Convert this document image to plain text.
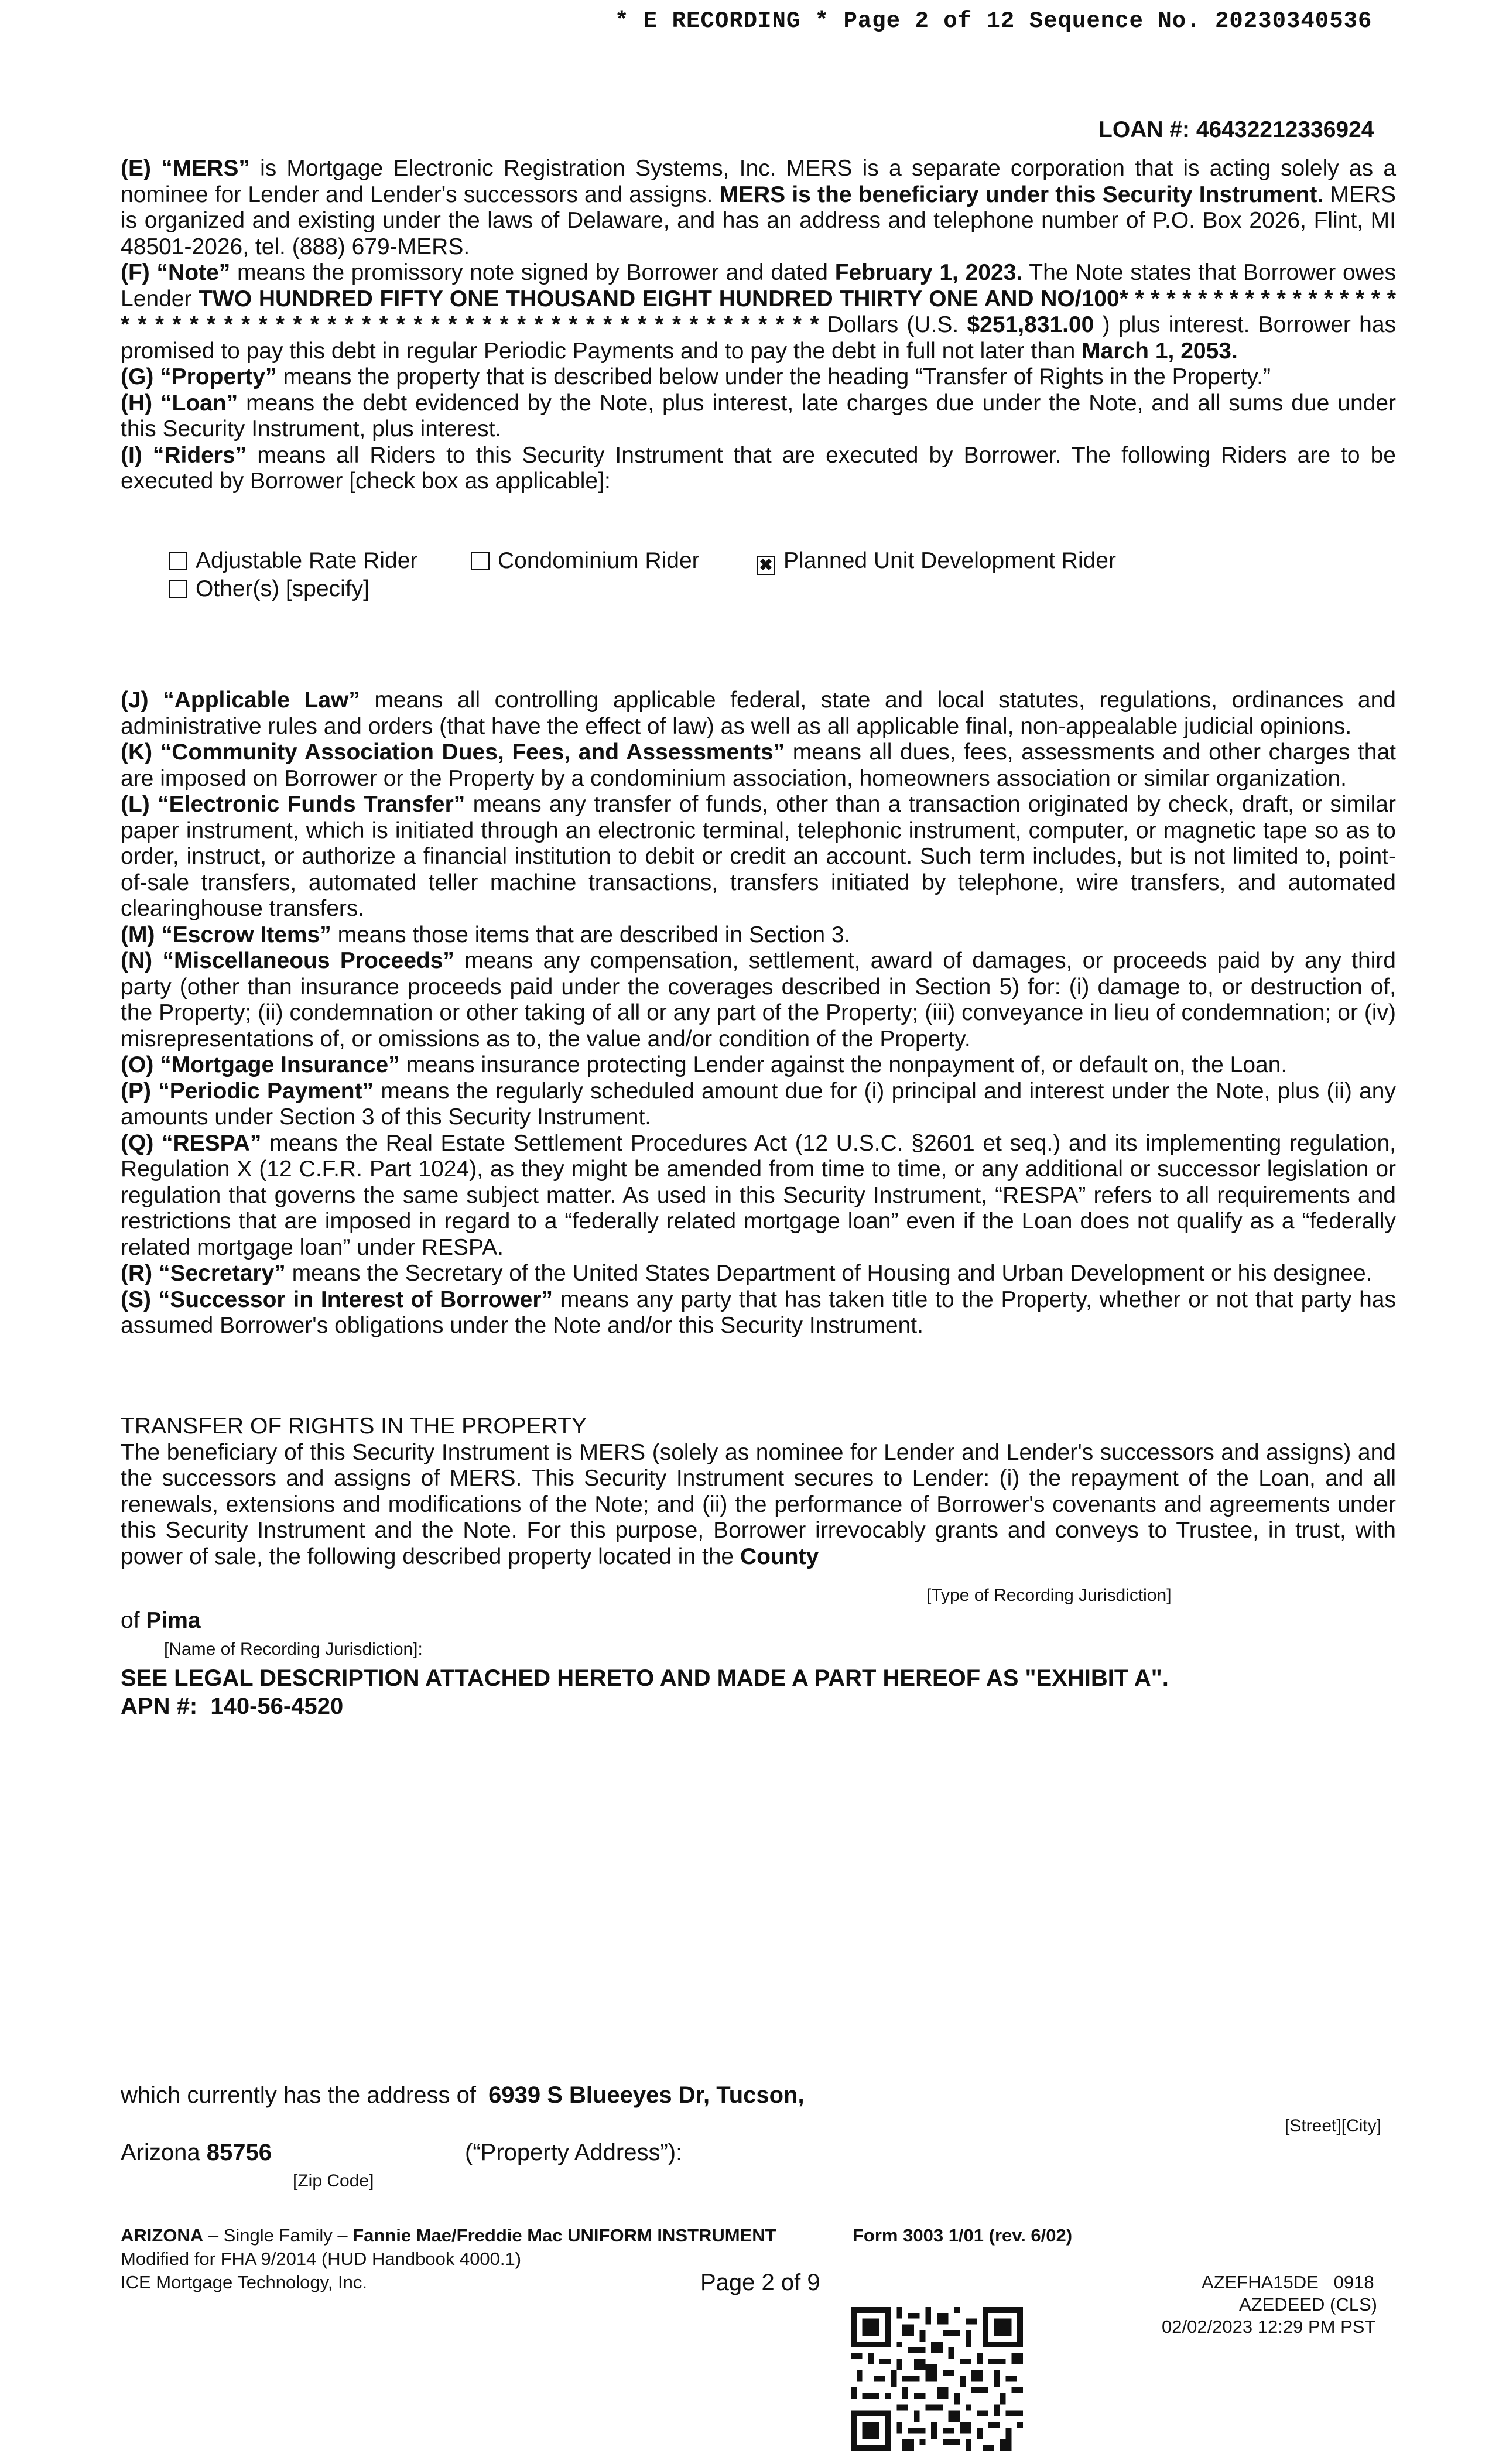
* E RECORDING * Page 2 of 12 Sequence No. 20230340536
LOAN #: 46432212336924

(E) “MERS” is Mortgage Electronic Registration Systems, Inc. MERS is a separate corporation that is acting solely as a nominee for Lender and Lender's successors and assigns. MERS is the beneficiary under this Security Instrument. MERS is organized and existing under the laws of Delaware, and has an address and telephone number of P.O. Box 2026, Flint, MI 48501-2026, tel. (888) 679-MERS.

(F) “Note” means the promissory note signed by Borrower and dated February 1, 2023. The Note states that Borrower owes Lender TWO HUNDRED FIFTY ONE THOUSAND EIGHT HUNDRED THIRTY ONE AND NO/100* * * * * * * * * * * * * * * * * * * * * * * * * * * * * * * * * * * * * * * * * * * * * * * * * * * * * * * * * * * Dollars (U.S. $251,831.00 ) plus interest. Borrower has promised to pay this debt in regular Periodic Payments and to pay the debt in full not later than March 1, 2053.

(G) “Property” means the property that is described below under the heading “Transfer of Rights in the Property.”

(H) “Loan” means the debt evidenced by the Note, plus interest, late charges due under the Note, and all sums due under this Security Instrument, plus interest.

(I) “Riders” means all Riders to this Security Instrument that are executed by Borrower. The following Riders are to be executed by Borrower [check box as applicable]:

Adjustable Rate Rider	Condominium Rider	✖ Planned Unit Development Rider
Other(s) [specify]

(J) “Applicable Law” means all controlling applicable federal, state and local statutes, regulations, ordinances and administrative rules and orders (that have the effect of law) as well as all applicable final, non-appealable judicial opinions.

(K) “Community Association Dues, Fees, and Assessments” means all dues, fees, assessments and other charges that are imposed on Borrower or the Property by a condominium association, homeowners association or similar organization.

(L) “Electronic Funds Transfer” means any transfer of funds, other than a transaction originated by check, draft, or similar paper instrument, which is initiated through an electronic terminal, telephonic instrument, computer, or magnetic tape so as to order, instruct, or authorize a financial institution to debit or credit an account. Such term includes, but is not limited to, point-of-sale transfers, automated teller machine transactions, transfers initiated by telephone, wire transfers, and automated clearinghouse transfers.

(M) “Escrow Items” means those items that are described in Section 3.

(N) “Miscellaneous Proceeds” means any compensation, settlement, award of damages, or proceeds paid by any third party (other than insurance proceeds paid under the coverages described in Section 5) for: (i) damage to, or destruction of, the Property; (ii) condemnation or other taking of all or any part of the Property; (iii) conveyance in lieu of condemnation; or (iv) misrepresentations of, or omissions as to, the value and/or condition of the Property.

(O) “Mortgage Insurance” means insurance protecting Lender against the nonpayment of, or default on, the Loan.

(P) “Periodic Payment” means the regularly scheduled amount due for (i) principal and interest under the Note, plus (ii) any amounts under Section 3 of this Security Instrument.

(Q) “RESPA” means the Real Estate Settlement Procedures Act (12 U.S.C. §2601 et seq.) and its implementing regulation, Regulation X (12 C.F.R. Part 1024), as they might be amended from time to time, or any additional or successor legislation or regulation that governs the same subject matter. As used in this Security Instrument, “RESPA” refers to all requirements and restrictions that are imposed in regard to a “federally related mortgage loan” even if the Loan does not qualify as a “federally related mortgage loan” under RESPA.

(R) “Secretary” means the Secretary of the United States Department of Housing and Urban Development or his designee.

(S) “Successor in Interest of Borrower” means any party that has taken title to the Property, whether or not that party has assumed Borrower's obligations under the Note and/or this Security Instrument.

TRANSFER OF RIGHTS IN THE PROPERTY

The beneficiary of this Security Instrument is MERS (solely as nominee for Lender and Lender's successors and assigns) and the successors and assigns of MERS. This Security Instrument secures to Lender: (i) the repayment of the Loan, and all renewals, extensions and modifications of the Note; and (ii) the performance of Borrower's covenants and agreements under this Security Instrument and the Note. For this purpose, Borrower irrevocably grants and conveys to Trustee, in trust, with power of sale, the following described property located in the County

[Type of Recording Jurisdiction]
of Pima
[Name of Recording Jurisdiction]:
SEE LEGAL DESCRIPTION ATTACHED HERETO AND MADE A PART HEREOF AS "EXHIBIT A".
APN #:  140-56-4520
which currently has the address of 6939 S Blueeyes Dr, Tucson,
[Street][City]
Arizona 85756	(“Property Address”):
[Zip Code]
ARIZONA – Single Family – Fannie Mae/Freddie Mac UNIFORM INSTRUMENT	Form 3003 1/01 (rev. 6/02)
Modified for FHA 9/2014 (HUD Handbook 4000.1)
ICE Mortgage Technology, Inc.	Page 2 of 9	AZEFHA15DE   0918
AZEDEED (CLS)
02/02/2023 12:29 PM PST
